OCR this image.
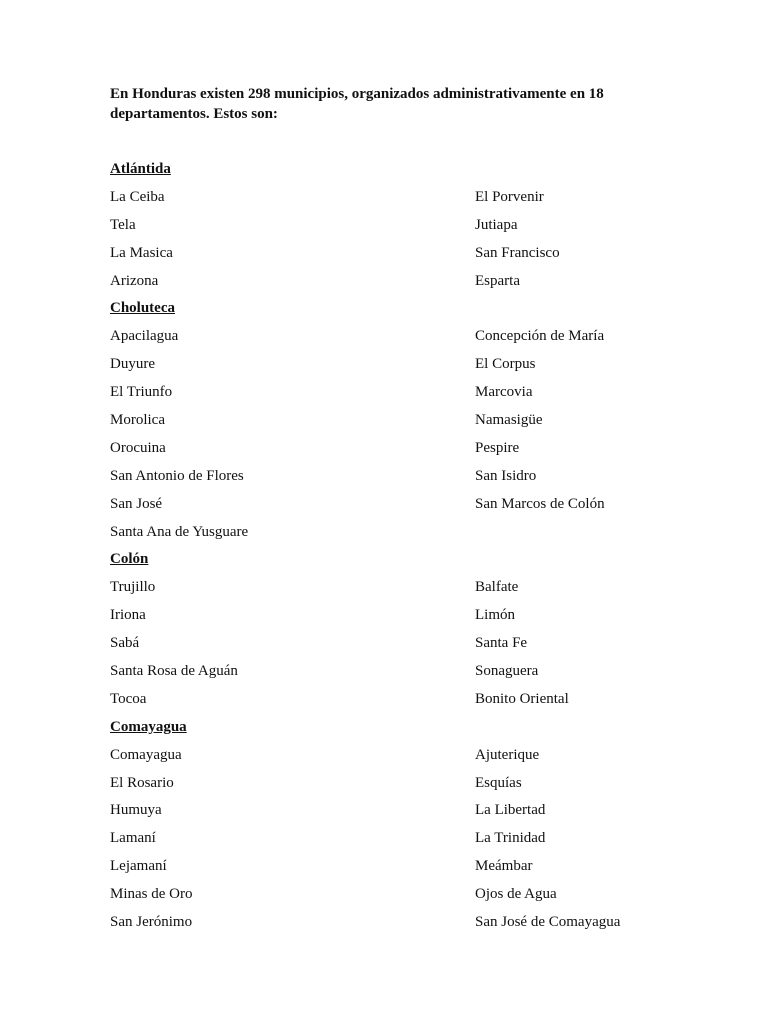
En Honduras existen 298 municipios, organizados administrativamente en 18 departamentos. Estos son:

Atlántida
La Ceiba	El Porvenir
Tela	Jutiapa
La Masica	San Francisco
Arizona	Esparta
Choluteca
Apacilagua	Concepción de María
Duyure	El Corpus
El Triunfo	Marcovia
Morolica	Namasigüe
Orocuina	Pespire
San Antonio de Flores	San Isidro
San José	San Marcos de Colón
Santa Ana de Yusguare
Colón
Trujillo	Balfate
Iriona	Limón
Sabá	Santa Fe
Santa Rosa de Aguán	Sonaguera
Tocoa	Bonito Oriental
Comayagua
Comayagua	Ajuterique
El Rosario	Esquías
Humuya	La Libertad
Lamaní	La Trinidad
Lejamaní	Meámbar
Minas de Oro	Ojos de Agua
San Jerónimo	San José de Comayagua
